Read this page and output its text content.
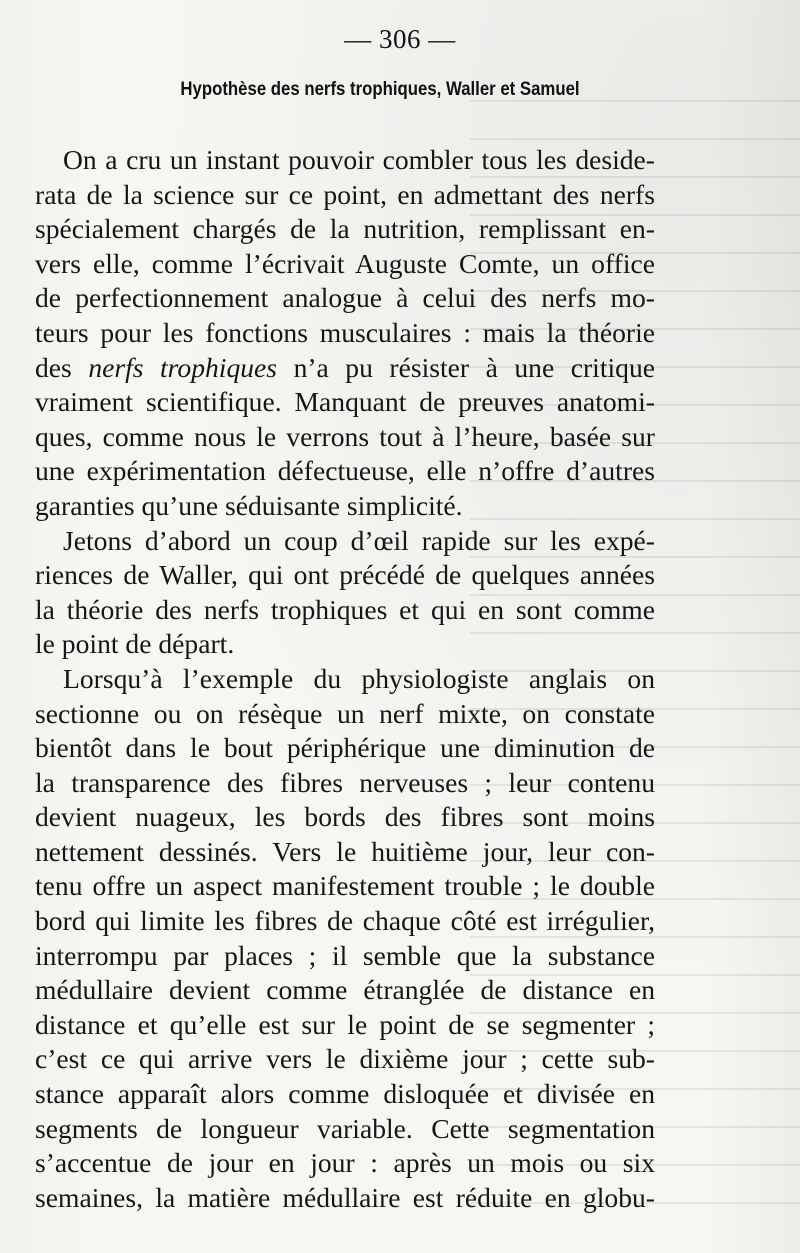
— 306 —
Hypothèse des nerfs trophiques, Waller et Samuel
On a cru un instant pouvoir combler tous les deside-
rata de la science sur ce point, en admettant des nerfs
spécialement chargés de la nutrition, remplissant en-
vers elle, comme l’écrivait Auguste Comte, un office
de perfectionnement analogue à celui des nerfs mo-
teurs pour les fonctions musculaires : mais la théorie
des nerfs trophiques n’a pu résister à une critique
vraiment scientifique. Manquant de preuves anatomi-
ques, comme nous le verrons tout à l’heure, basée sur
une expérimentation défectueuse, elle n’offre d’autres
garanties qu’une séduisante simplicité.
Jetons d’abord un coup d’œil rapide sur les expé-
riences de Waller, qui ont précédé de quelques années
la théorie des nerfs trophiques et qui en sont comme
le point de départ.
Lorsqu’à l’exemple du physiologiste anglais on
sectionne ou on résèque un nerf mixte, on constate
bientôt dans le bout périphérique une diminution de
la transparence des fibres nerveuses ; leur contenu
devient nuageux, les bords des fibres sont moins
nettement dessinés. Vers le huitième jour, leur con-
tenu offre un aspect manifestement trouble ; le double
bord qui limite les fibres de chaque côté est irrégulier,
interrompu par places ; il semble que la substance
médullaire devient comme étranglée de distance en
distance et qu’elle est sur le point de se segmenter ;
c’est ce qui arrive vers le dixième jour ; cette sub-
stance apparaît alors comme disloquée et divisée en
segments de longueur variable. Cette segmentation
s’accentue de jour en jour : après un mois ou six
semaines, la matière médullaire est réduite en globu-
